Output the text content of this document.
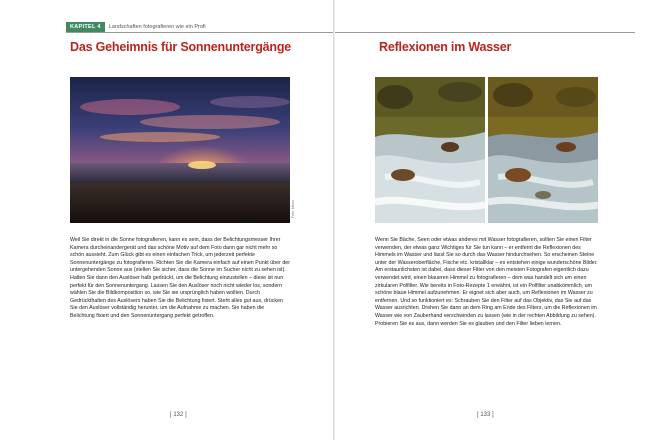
KAPITEL 4	Landschaften fotografieren wie ein Profi
Das Geheimnis für Sonnenuntergänge
Foto: Nikon

Weil Sie direkt in die Sonne fotografieren, kann es sein, dass der Belichtungsmesser Ihrer Kamera durcheinandergerät und das schöne Motiv auf dem Foto dann gar nicht mehr so schön aussieht. Zum Glück gibt es einen einfachen Trick, um jederzeit perfekte Sonnenuntergänge zu fotografieren. Richten Sie die Kamera einfach auf einen Punkt über der untergehenden Sonne aus (stellen Sie sicher, dass die Sonne im Sucher nicht zu sehen ist). Halten Sie dann den Auslöser halb gedrückt, um die Belichtung einzustellen – diese ist nun perfekt für den Sonnenuntergang. Lassen Sie den Auslöser noch nicht wieder los, sondern wählen Sie die Bildkomposition so, wie Sie sie ursprünglich haben wollten. Durch Gedrückthalten des Auslösers haben Sie die Belichtung fixiert. Steht alles gut aus, drücken Sie den Auslöser vollständig herunter, um die Aufnahme zu machen. Sie haben die Belichtung fixiert und den Sonnenuntergang perfekt getroffen.

[ 132 ]
Reflexionen im Wasser

Wenn Sie Bäche, Seen oder etwas anderes mit Wasser fotografieren, sollten Sie einen Filter verwenden, der etwas ganz Wichtiges für Sie tun kann – er entfernt die Reflexionen des Himmels im Wasser und lässt Sie so durch das Wasser hindurchsehen. So erscheinen Steine unter der Wasseroberfläche, Fische etc. kristallklar – es entstehen einige wunderschöne Bilder. Am erstaunlichsten ist dabei, dass dieser Filter von den meisten Fotografen eigentlich dazu verwendet wird, einen blaueren Himmel zu fotografieren – dem was handelt sich um einen zirkularen Polfilter. Wie bereits in Foto-Rezepte 1 erwähnt, ist ein Polfilter unabkömmlich, um schöne blaue Himmel aufzunehmen. Er eignet sich aber auch, um Reflexionen im Wasser zu entfernen. Und so funktioniert es: Schrauben Sie den Filter auf das Objektiv, das Sie auf das Wasser ausrichten. Drehen Sie dann an dem Ring am Ende des Filters, um die Reflexionen im Wasser wie von Zauberhand verschwinden zu lassen (wie in der rechten Abbildung zu sehen). Probieren Sie es aus, dann werden Sie es glauben und den Filter lieben lernen.

[ 133 ]
